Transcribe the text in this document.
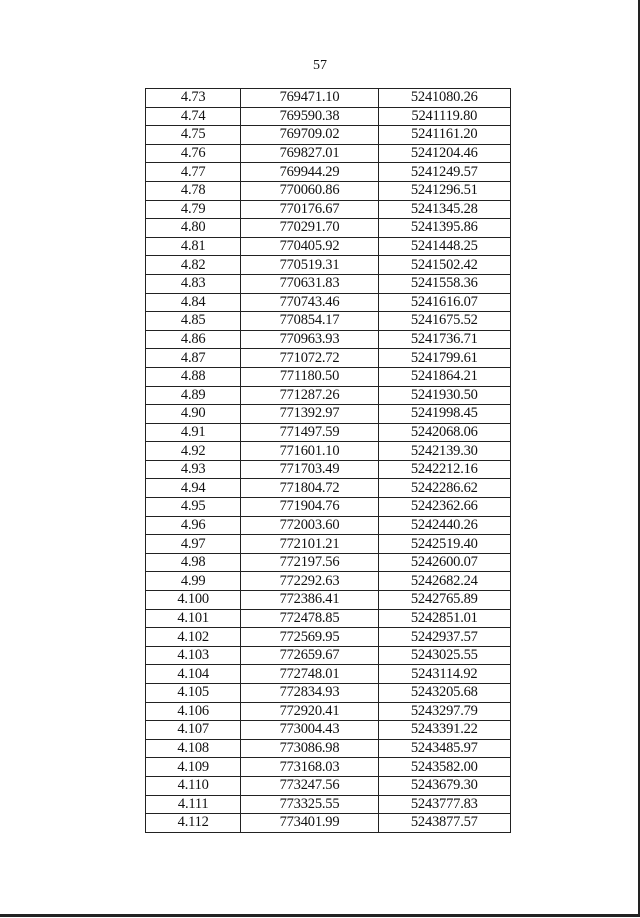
57
4.73	769471.10	5241080.26
4.74	769590.38	5241119.80
4.75	769709.02	5241161.20
4.76	769827.01	5241204.46
4.77	769944.29	5241249.57
4.78	770060.86	5241296.51
4.79	770176.67	5241345.28
4.80	770291.70	5241395.86
4.81	770405.92	5241448.25
4.82	770519.31	5241502.42
4.83	770631.83	5241558.36
4.84	770743.46	5241616.07
4.85	770854.17	5241675.52
4.86	770963.93	5241736.71
4.87	771072.72	5241799.61
4.88	771180.50	5241864.21
4.89	771287.26	5241930.50
4.90	771392.97	5241998.45
4.91	771497.59	5242068.06
4.92	771601.10	5242139.30
4.93	771703.49	5242212.16
4.94	771804.72	5242286.62
4.95	771904.76	5242362.66
4.96	772003.60	5242440.26
4.97	772101.21	5242519.40
4.98	772197.56	5242600.07
4.99	772292.63	5242682.24
4.100	772386.41	5242765.89
4.101	772478.85	5242851.01
4.102	772569.95	5242937.57
4.103	772659.67	5243025.55
4.104	772748.01	5243114.92
4.105	772834.93	5243205.68
4.106	772920.41	5243297.79
4.107	773004.43	5243391.22
4.108	773086.98	5243485.97
4.109	773168.03	5243582.00
4.110	773247.56	5243679.30
4.111	773325.55	5243777.83
4.112	773401.99	5243877.57
